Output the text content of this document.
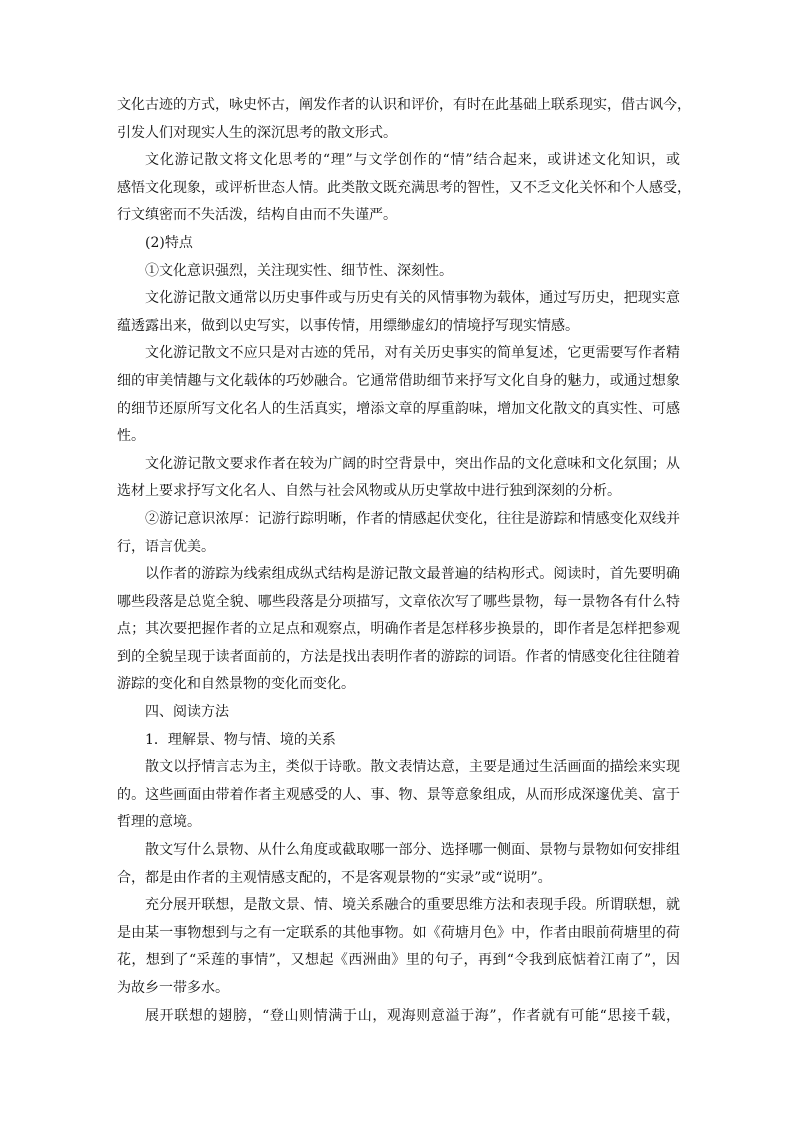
文化古迹的方式，咏史怀古，阐发作者的认识和评价，有时在此基础上联系现实，借古讽今，
引发人们对现实人生的深沉思考的散文形式。
文化游记散文将文化思考的“理”与文学创作的“情”结合起来，或讲述文化知识，或
感悟文化现象，或评析世态人情。此类散文既充满思考的智性，又不乏文化关怀和个人感受，
行文缜密而不失活泼，结构自由而不失谨严。
(2)特点
①文化意识强烈，关注现实性、细节性、深刻性。
文化游记散文通常以历史事件或与历史有关的风情事物为载体，通过写历史，把现实意
蕴透露出来，做到以史写实，以事传情，用缥缈虚幻的情境抒写现实情感。
文化游记散文不应只是对古迹的凭吊，对有关历史事实的简单复述，它更需要写作者精
细的审美情趣与文化载体的巧妙融合。它通常借助细节来抒写文化自身的魅力，或通过想象
的细节还原所写文化名人的生活真实，增添文章的厚重韵味，增加文化散文的真实性、可感
性。
文化游记散文要求作者在较为广阔的时空背景中，突出作品的文化意味和文化氛围；从
选材上要求抒写文化名人、自然与社会风物或从历史掌故中进行独到深刻的分析。
②游记意识浓厚：记游行踪明晰，作者的情感起伏变化，往往是游踪和情感变化双线并
行，语言优美。
以作者的游踪为线索组成纵式结构是游记散文最普遍的结构形式。阅读时，首先要明确
哪些段落是总览全貌、哪些段落是分项描写，文章依次写了哪些景物，每一景物各有什么特
点；其次要把握作者的立足点和观察点，明确作者是怎样移步换景的，即作者是怎样把参观
到的全貌呈现于读者面前的，方法是找出表明作者的游踪的词语。作者的情感变化往往随着
游踪的变化和自然景物的变化而变化。
四、阅读方法
1．理解景、物与情、境的关系
散文以抒情言志为主，类似于诗歌。散文表情达意，主要是通过生活画面的描绘来实现
的。这些画面由带着作者主观感受的人、事、物、景等意象组成，从而形成深邃优美、富于
哲理的意境。
散文写什么景物、从什么角度或截取哪一部分、选择哪一侧面、景物与景物如何安排组
合，都是由作者的主观情感支配的，不是客观景物的“实录”或“说明”。
充分展开联想，是散文景、情、境关系融合的重要思维方法和表现手段。所谓联想，就
是由某一事物想到与之有一定联系的其他事物。如《荷塘月色》中，作者由眼前荷塘里的荷
花，想到了“采莲的事情”，又想起《西洲曲》里的句子，再到“令我到底惦着江南了”，因
为故乡一带多水。
展开联想的翅膀，“登山则情满于山，观海则意溢于海”，作者就有可能“思接千载，
